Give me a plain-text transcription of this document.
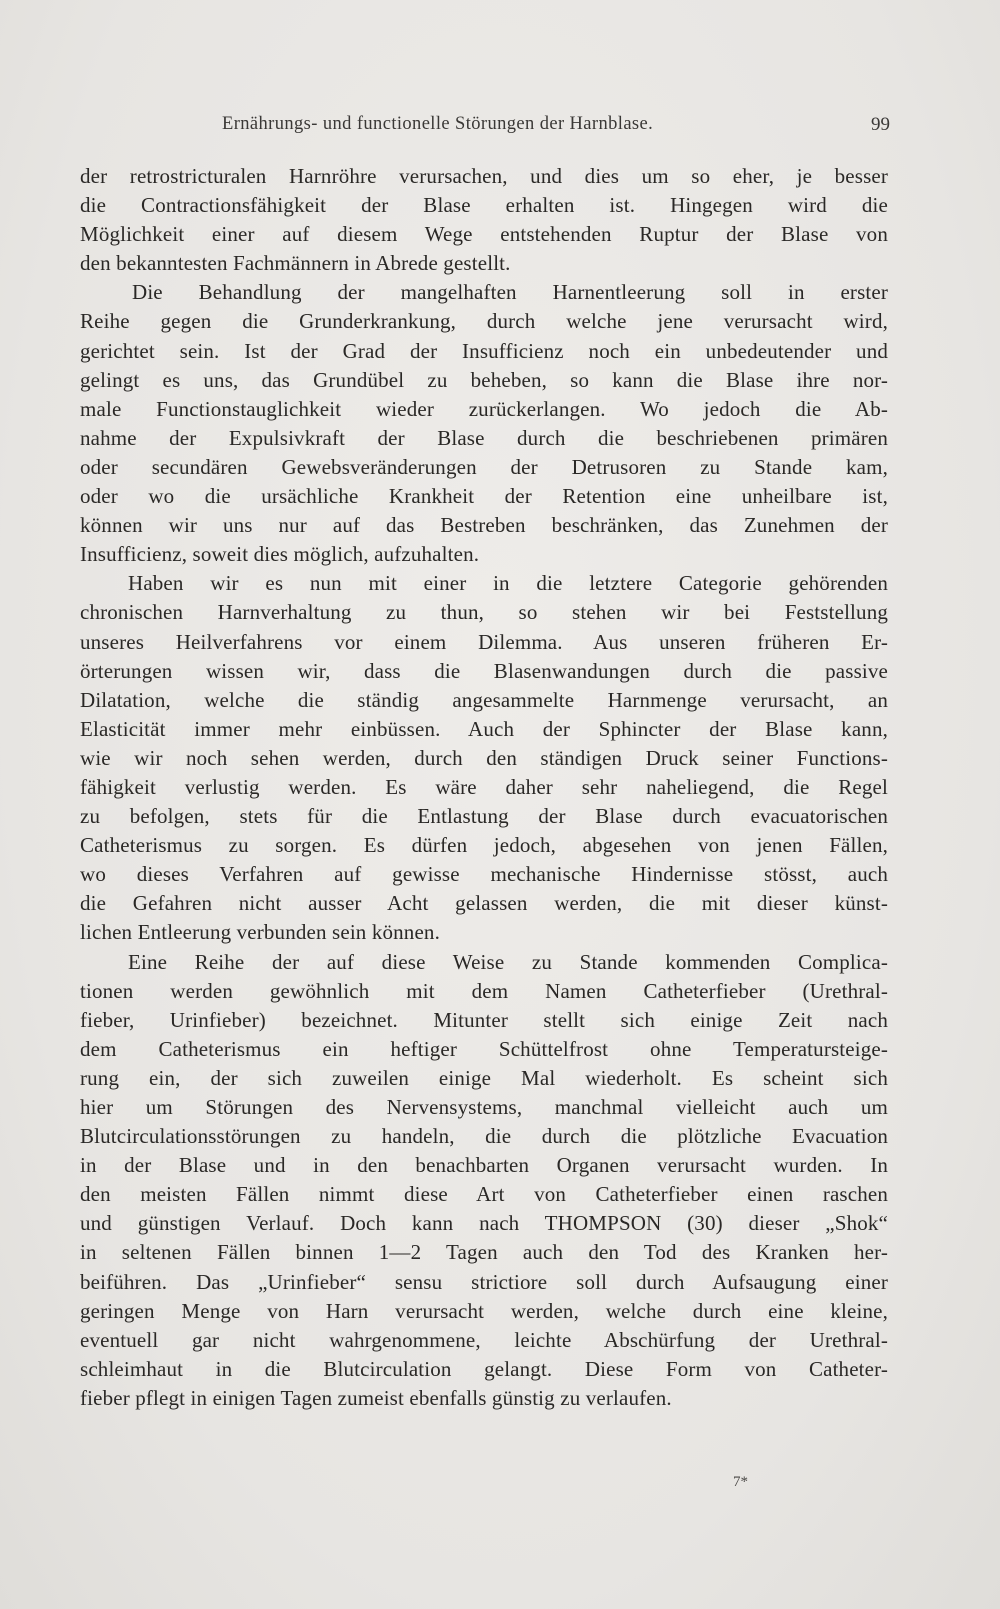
Ernährungs- und functionelle Störungen der Harnblase.	99
der retrostricturalen Harnröhre verursachen, und dies um so eher, je besser
die Contractionsfähigkeit der Blase erhalten ist. Hingegen wird die
Möglichkeit einer auf diesem Wege entstehenden Ruptur der Blase von
den bekanntesten Fachmännern in Abrede gestellt.
Die Behandlung der mangelhaften Harnentleerung soll in erster
Reihe gegen die Grunderkrankung, durch welche jene verursacht wird,
gerichtet sein. Ist der Grad der Insufficienz noch ein unbedeutender und
gelingt es uns, das Grundübel zu beheben, so kann die Blase ihre nor-
male Functionstauglichkeit wieder zurückerlangen. Wo jedoch die Ab-
nahme der Expulsivkraft der Blase durch die beschriebenen primären
oder secundären Gewebsveränderungen der Detrusoren zu Stande kam,
oder wo die ursächliche Krankheit der Retention eine unheilbare ist,
können wir uns nur auf das Bestreben beschränken, das Zunehmen der
Insufficienz, soweit dies möglich, aufzuhalten.
Haben wir es nun mit einer in die letztere Categorie gehörenden
chronischen Harnverhaltung zu thun, so stehen wir bei Feststellung
unseres Heilverfahrens vor einem Dilemma. Aus unseren früheren Er-
örterungen wissen wir, dass die Blasenwandungen durch die passive
Dilatation, welche die ständig angesammelte Harnmenge verursacht, an
Elasticität immer mehr einbüssen. Auch der Sphincter der Blase kann,
wie wir noch sehen werden, durch den ständigen Druck seiner Functions-
fähigkeit verlustig werden. Es wäre daher sehr naheliegend, die Regel
zu befolgen, stets für die Entlastung der Blase durch evacuatorischen
Catheterismus zu sorgen. Es dürfen jedoch, abgesehen von jenen Fällen,
wo dieses Verfahren auf gewisse mechanische Hindernisse stösst, auch
die Gefahren nicht ausser Acht gelassen werden, die mit dieser künst-
lichen Entleerung verbunden sein können.
Eine Reihe der auf diese Weise zu Stande kommenden Complica-
tionen werden gewöhnlich mit dem Namen Catheterfieber (Urethral-
fieber, Urinfieber) bezeichnet. Mitunter stellt sich einige Zeit nach
dem Catheterismus ein heftiger Schüttelfrost ohne Temperatursteige-
rung ein, der sich zuweilen einige Mal wiederholt. Es scheint sich
hier um Störungen des Nervensystems, manchmal vielleicht auch um
Blutcirculationsstörungen zu handeln, die durch die plötzliche Evacuation
in der Blase und in den benachbarten Organen verursacht wurden. In
den meisten Fällen nimmt diese Art von Catheterfieber einen raschen
und günstigen Verlauf. Doch kann nach THOMPSON (30) dieser „Shok“
in seltenen Fällen binnen 1—2 Tagen auch den Tod des Kranken her-
beiführen. Das „Urinfieber“ sensu strictiore soll durch Aufsaugung einer
geringen Menge von Harn verursacht werden, welche durch eine kleine,
eventuell gar nicht wahrgenommene, leichte Abschürfung der Urethral-
schleimhaut in die Blutcirculation gelangt. Diese Form von Catheter-
fieber pflegt in einigen Tagen zumeist ebenfalls günstig zu verlaufen.
7*
